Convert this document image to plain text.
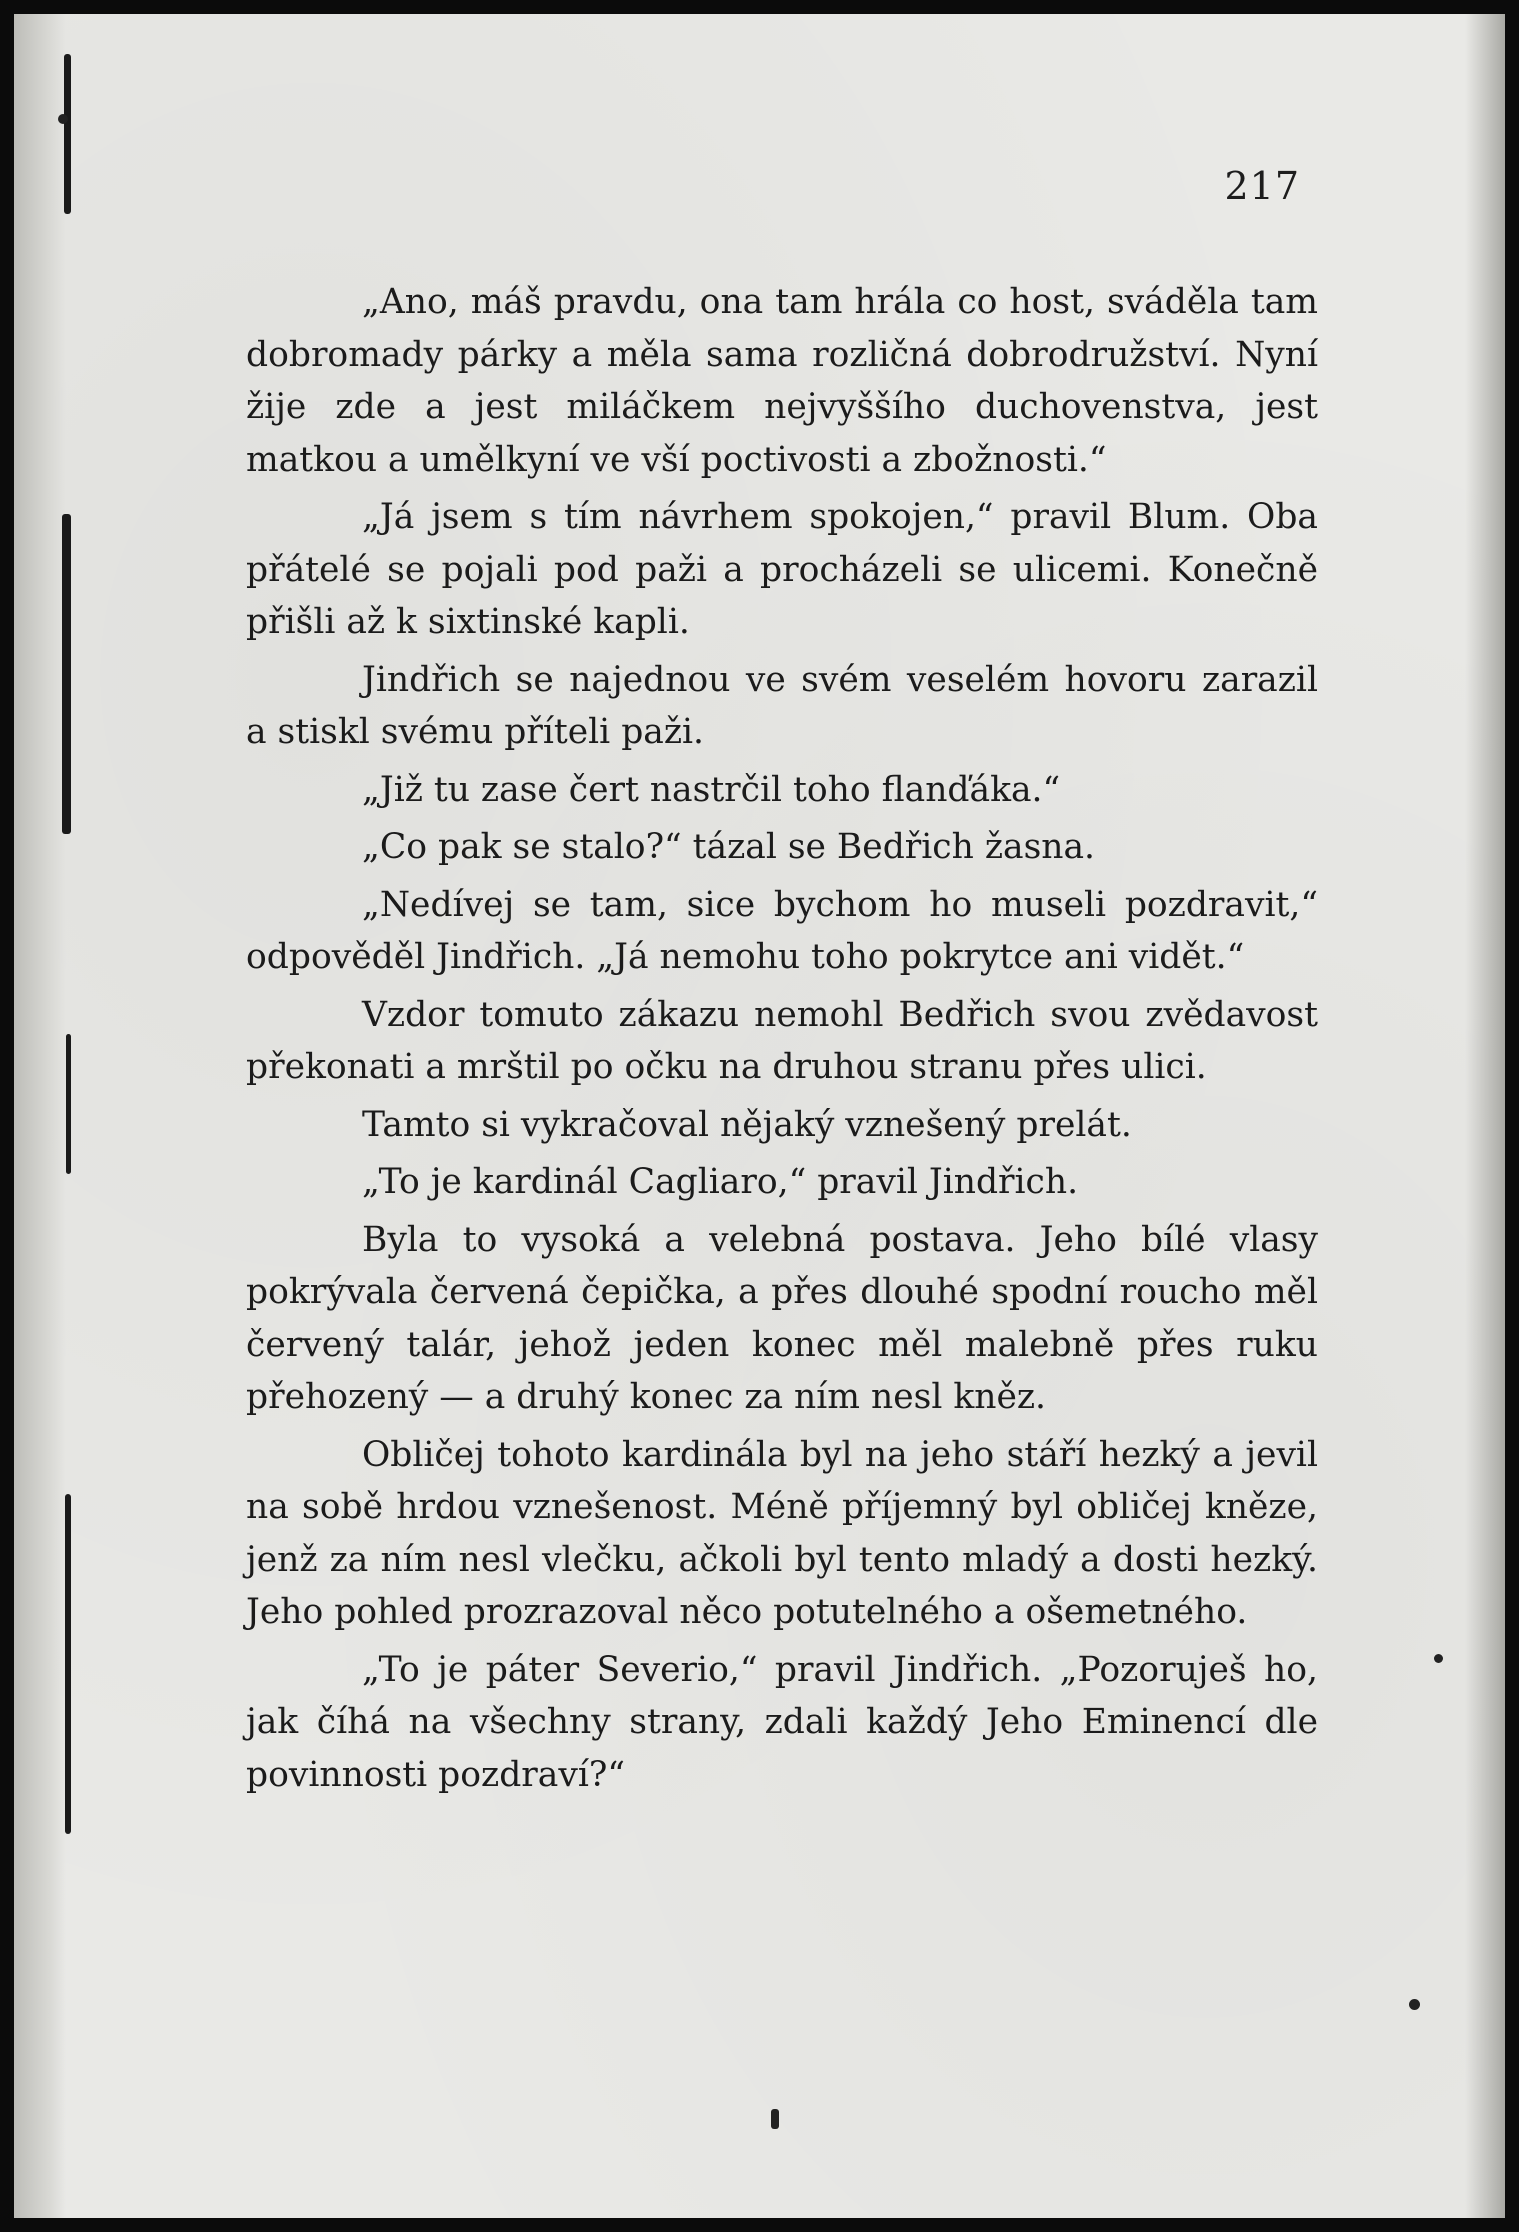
217

„Ano, máš pravdu, ona tam hrála co host, sváděla tam dobromady párky a měla sama rozličná dobrodružství. Nyní žije zde a jest miláčkem nejvyššího duchovenstva, jest matkou a umělkyní ve vší poctivosti a zbožnosti.“

„Já jsem s tím návrhem spokojen,“ pravil Blum. Oba přátelé se pojali pod paži a procházeli se ulicemi. Konečně přišli až k sixtinské kapli.

Jindřich se najednou ve svém veselém hovoru zarazil a stiskl svému příteli paži.

„Již tu zase čert nastrčil toho flanďáka.“

„Co pak se stalo?“ tázal se Bedřich žasna.

„Nedívej se tam, sice bychom ho museli pozdravit,“ odpověděl Jindřich. „Já nemohu toho pokrytce ani vidět.“

Vzdor tomuto zákazu nemohl Bedřich svou zvědavost překonati a mrštil po očku na druhou stranu přes ulici.

Tamto si vykračoval nějaký vznešený prelát.

„To je kardinál Cagliaro,“ pravil Jindřich.

Byla to vysoká a velebná postava. Jeho bílé vlasy pokrývala červená čepička, a přes dlouhé spodní roucho měl červený talár, jehož jeden konec měl malebně přes ruku přehozený — a druhý konec za ním nesl kněz.

Obličej tohoto kardinála byl na jeho stáří hezký a jevil na sobě hrdou vznešenost. Méně příjemný byl obličej kněze, jenž za ním nesl vlečku, ačkoli byl tento mladý a dosti hezký. Jeho pohled prozrazoval něco potutelného a ošemetného.

„To je páter Severio,“ pravil Jindřich. „Pozoruješ ho, jak číhá na všechny strany, zdali každý Jeho Eminencí dle povinnosti pozdraví?“
